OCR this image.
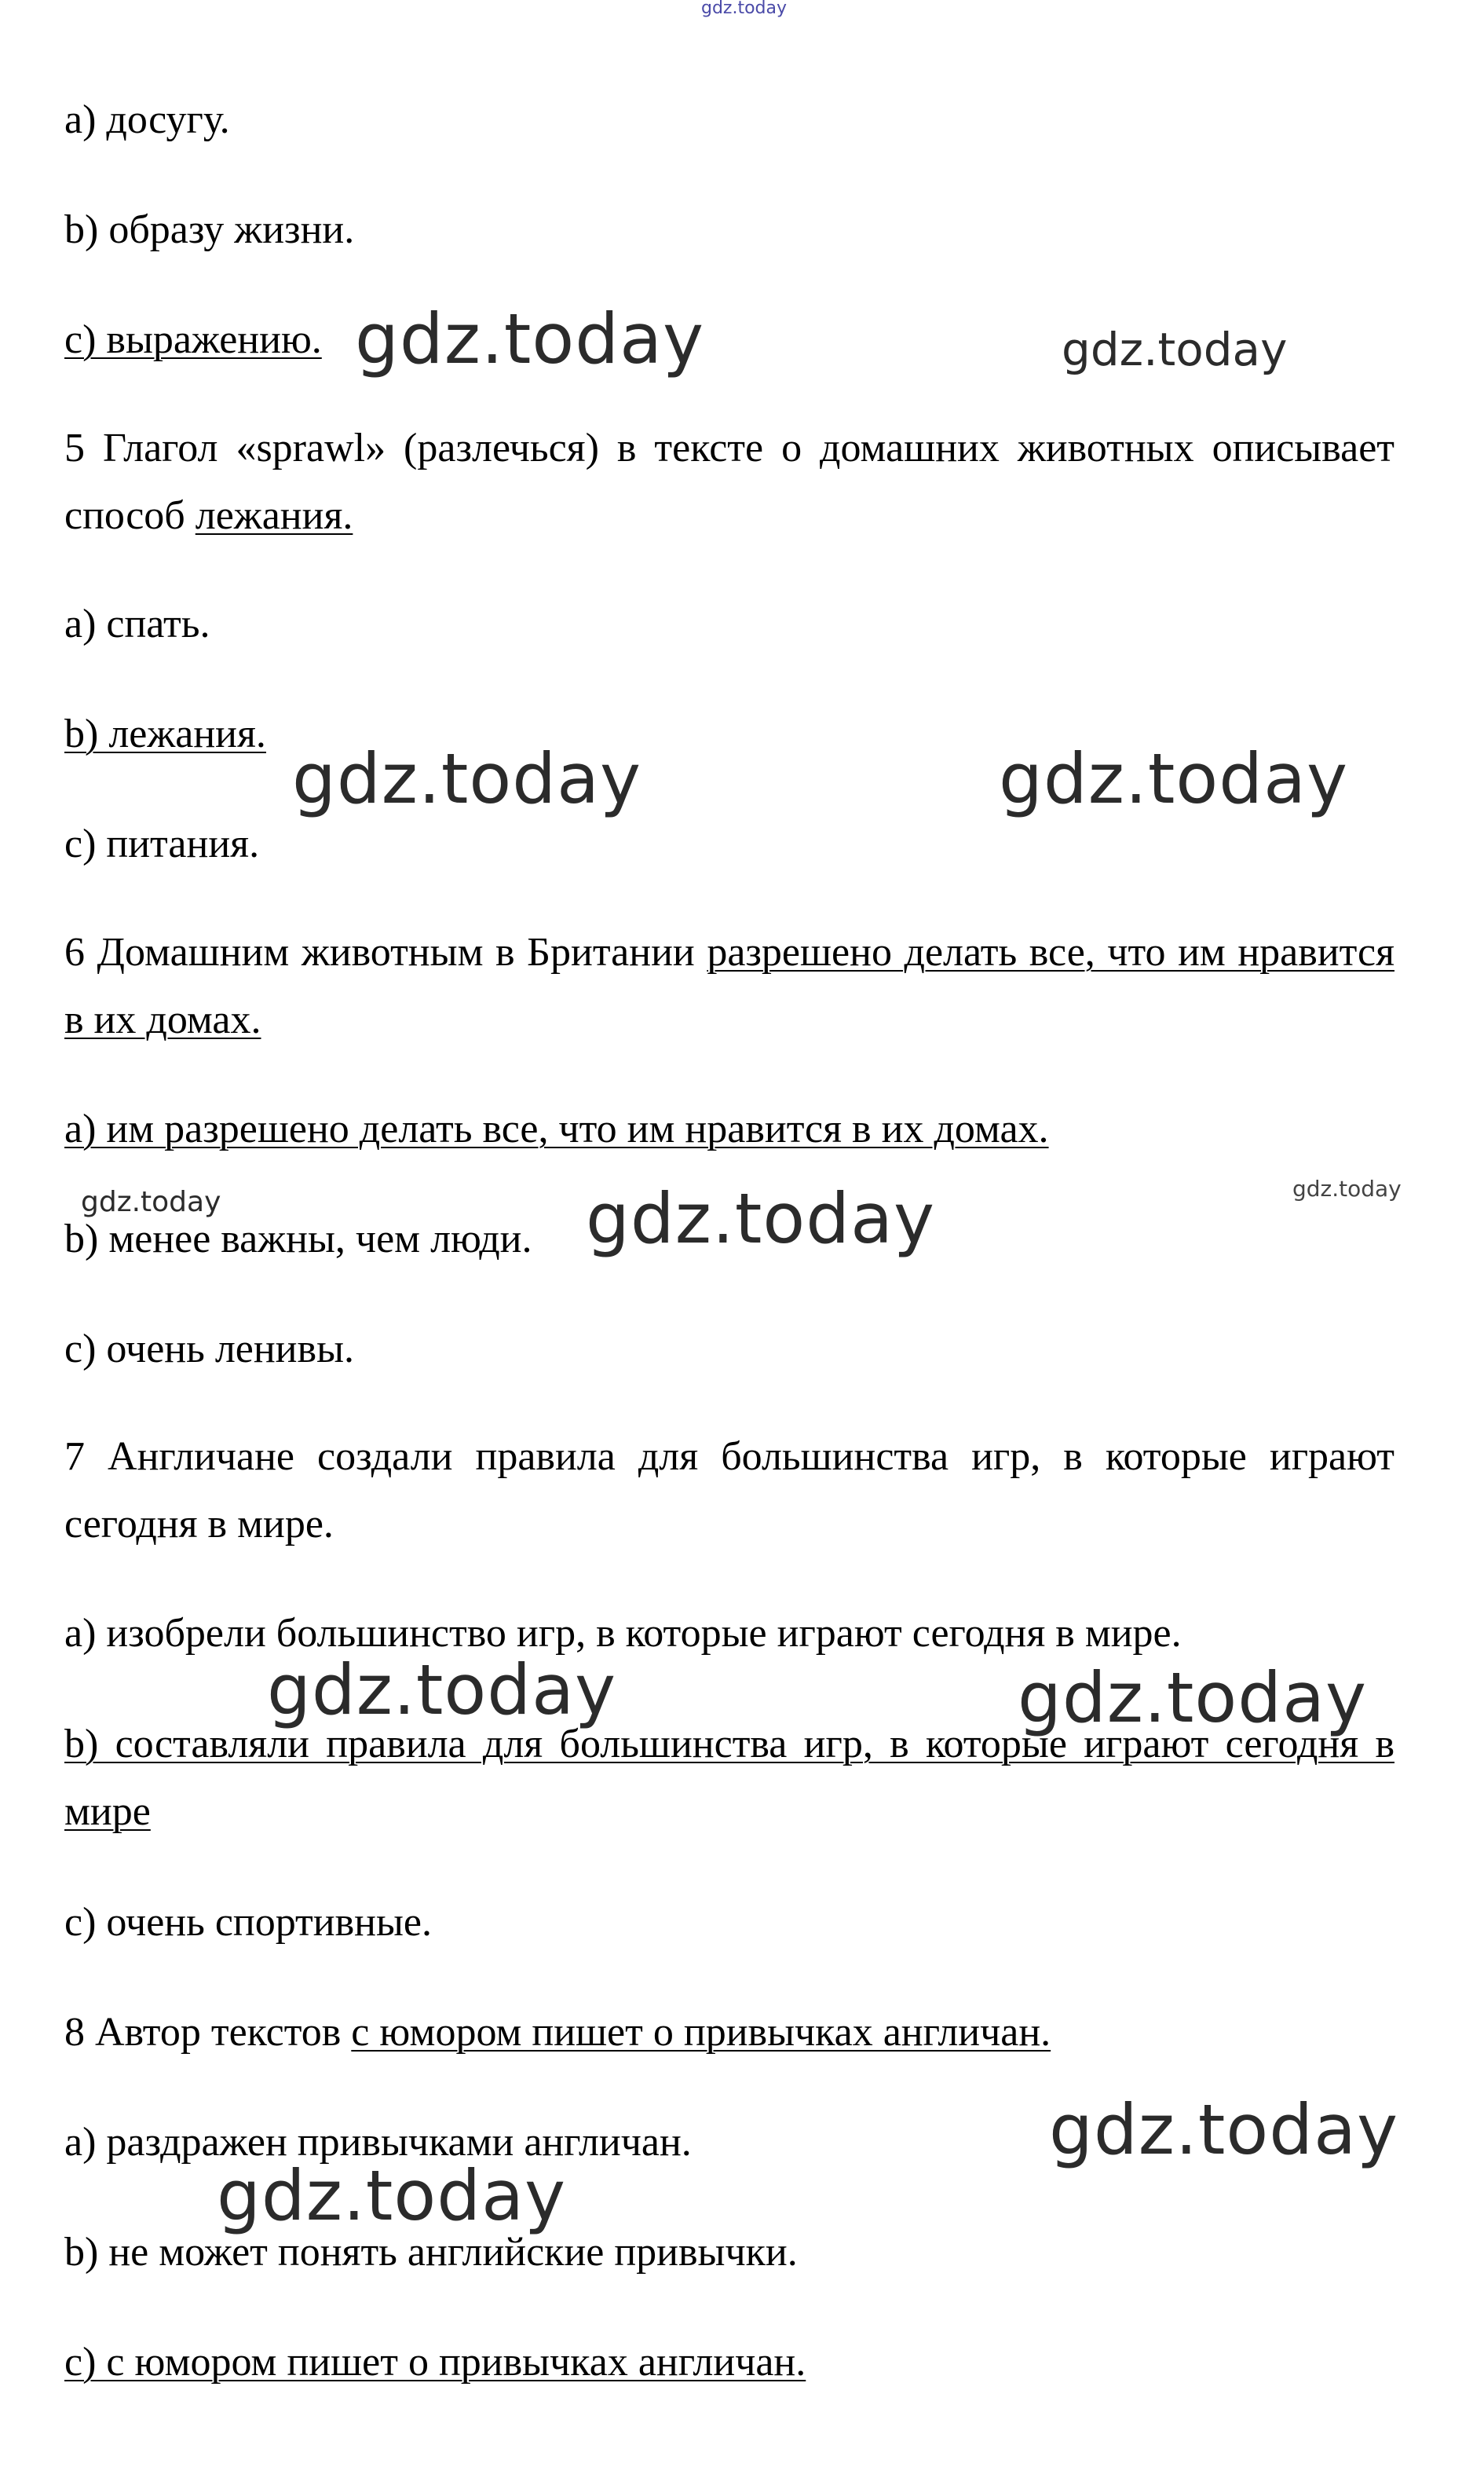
gdz.today
a) досугу.
b) образу жизни.
c) выражению. gdz.today	gdz.today
5 Глагол «sprawl» (разлечься) в тексте о домашних животных описывает способ лежания.
a) спать.
b) лежания.
gdz.today	gdz.today
c) питания.
6 Домашним животным в Британии разрешено делать все, что им нравится в их домах.
a) им разрешено делать все, что им нравится в их домах.
gdz.today	gdz.today
b) менее важны, чем люди. gdz.today
c) очень ленивы.
7 Англичане создали правила для большинства игр, в которые играют сегодня в мире.
a) изобрели большинство игр, в которые играют сегодня в мире.
gdz.today	gdz.today
b) составляли правила для большинства игр, в которые играют сегодня в мире
c) очень спортивные.
8 Автор текстов с юмором пишет о привычках англичан.
a) раздражен привычками англичан.	gdz.today
gdz.today
b) не может понять английские привычки.
c) с юмором пишет о привычках англичан.
